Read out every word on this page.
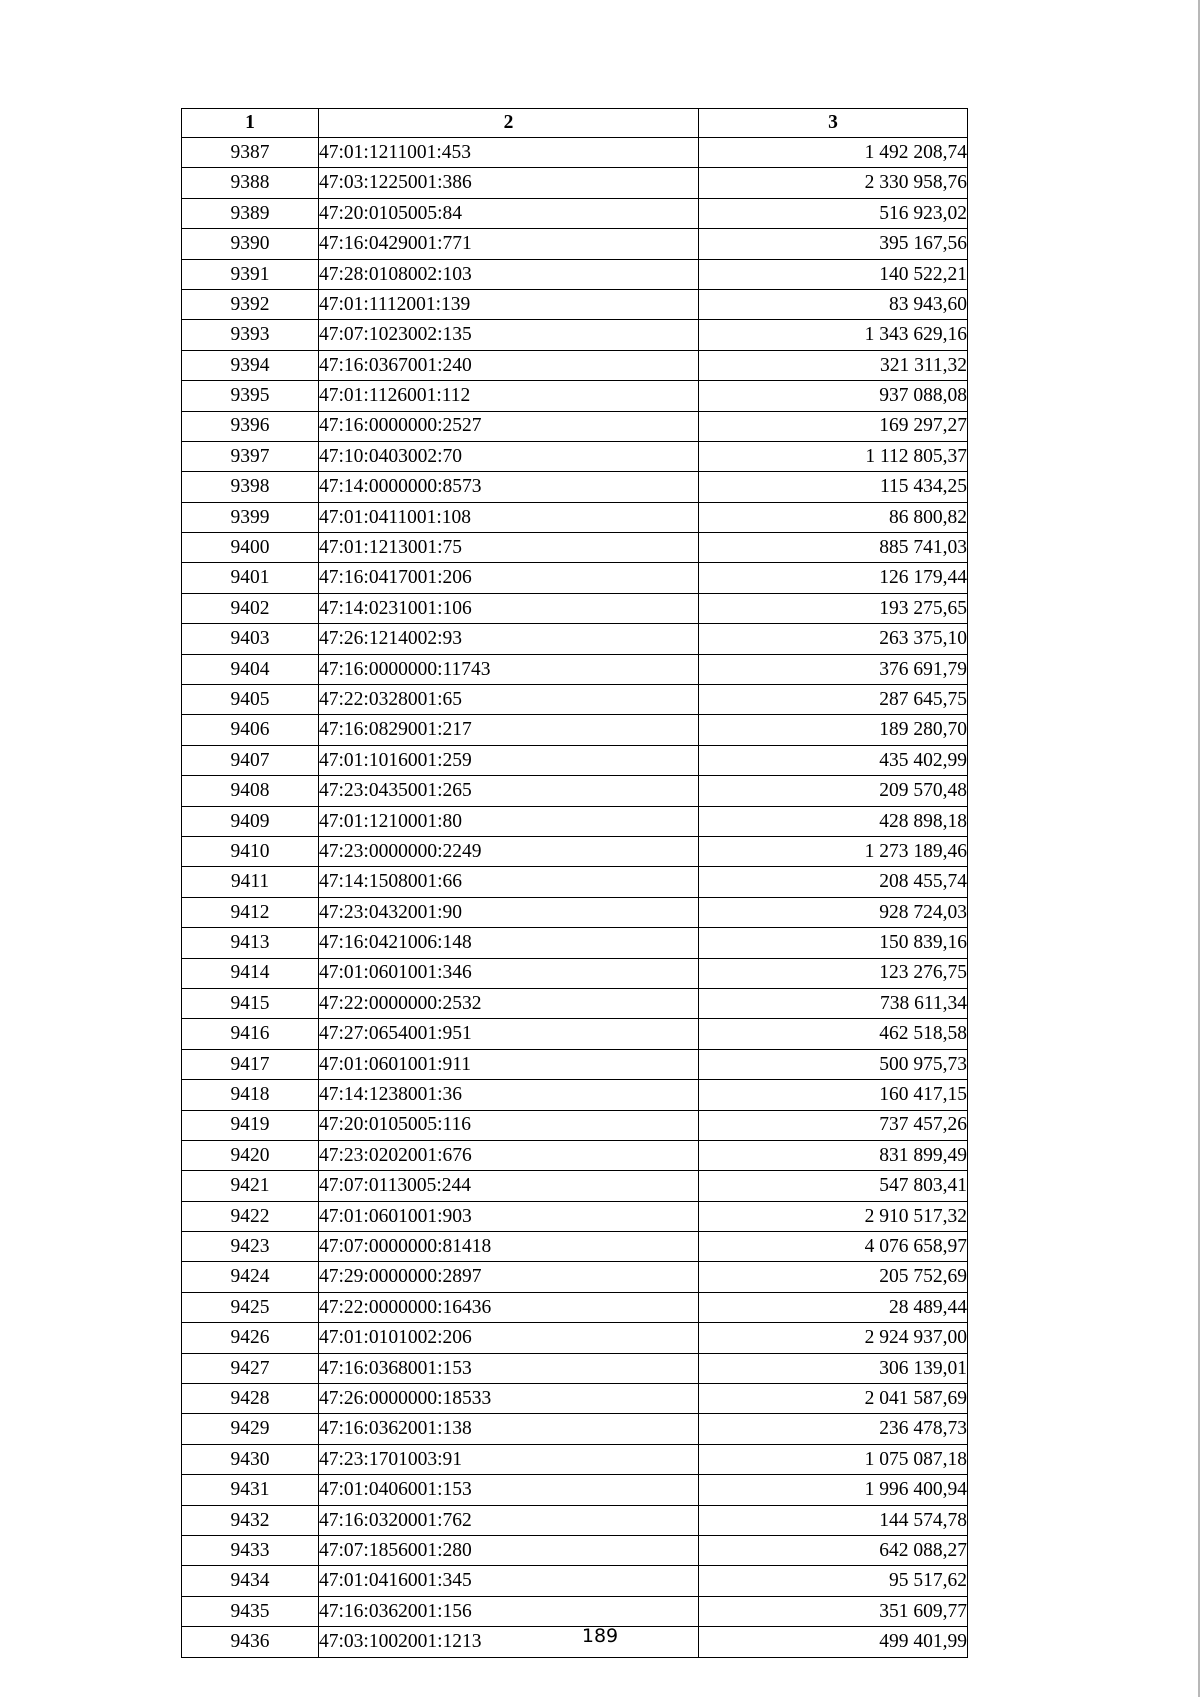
1	2	3
9387	47:01:1211001:453	1 492 208,74
9388	47:03:1225001:386	2 330 958,76
9389	47:20:0105005:84	516 923,02
9390	47:16:0429001:771	395 167,56
9391	47:28:0108002:103	140 522,21
9392	47:01:1112001:139	83 943,60
9393	47:07:1023002:135	1 343 629,16
9394	47:16:0367001:240	321 311,32
9395	47:01:1126001:112	937 088,08
9396	47:16:0000000:2527	169 297,27
9397	47:10:0403002:70	1 112 805,37
9398	47:14:0000000:8573	115 434,25
9399	47:01:0411001:108	86 800,82
9400	47:01:1213001:75	885 741,03
9401	47:16:0417001:206	126 179,44
9402	47:14:0231001:106	193 275,65
9403	47:26:1214002:93	263 375,10
9404	47:16:0000000:11743	376 691,79
9405	47:22:0328001:65	287 645,75
9406	47:16:0829001:217	189 280,70
9407	47:01:1016001:259	435 402,99
9408	47:23:0435001:265	209 570,48
9409	47:01:1210001:80	428 898,18
9410	47:23:0000000:2249	1 273 189,46
9411	47:14:1508001:66	208 455,74
9412	47:23:0432001:90	928 724,03
9413	47:16:0421006:148	150 839,16
9414	47:01:0601001:346	123 276,75
9415	47:22:0000000:2532	738 611,34
9416	47:27:0654001:951	462 518,58
9417	47:01:0601001:911	500 975,73
9418	47:14:1238001:36	160 417,15
9419	47:20:0105005:116	737 457,26
9420	47:23:0202001:676	831 899,49
9421	47:07:0113005:244	547 803,41
9422	47:01:0601001:903	2 910 517,32
9423	47:07:0000000:81418	4 076 658,97
9424	47:29:0000000:2897	205 752,69
9425	47:22:0000000:16436	28 489,44
9426	47:01:0101002:206	2 924 937,00
9427	47:16:0368001:153	306 139,01
9428	47:26:0000000:18533	2 041 587,69
9429	47:16:0362001:138	236 478,73
9430	47:23:1701003:91	1 075 087,18
9431	47:01:0406001:153	1 996 400,94
9432	47:16:0320001:762	144 574,78
9433	47:07:1856001:280	642 088,27
9434	47:01:0416001:345	95 517,62
9435	47:16:0362001:156	351 609,77
9436	47:03:1002001:1213	499 401,99
189
